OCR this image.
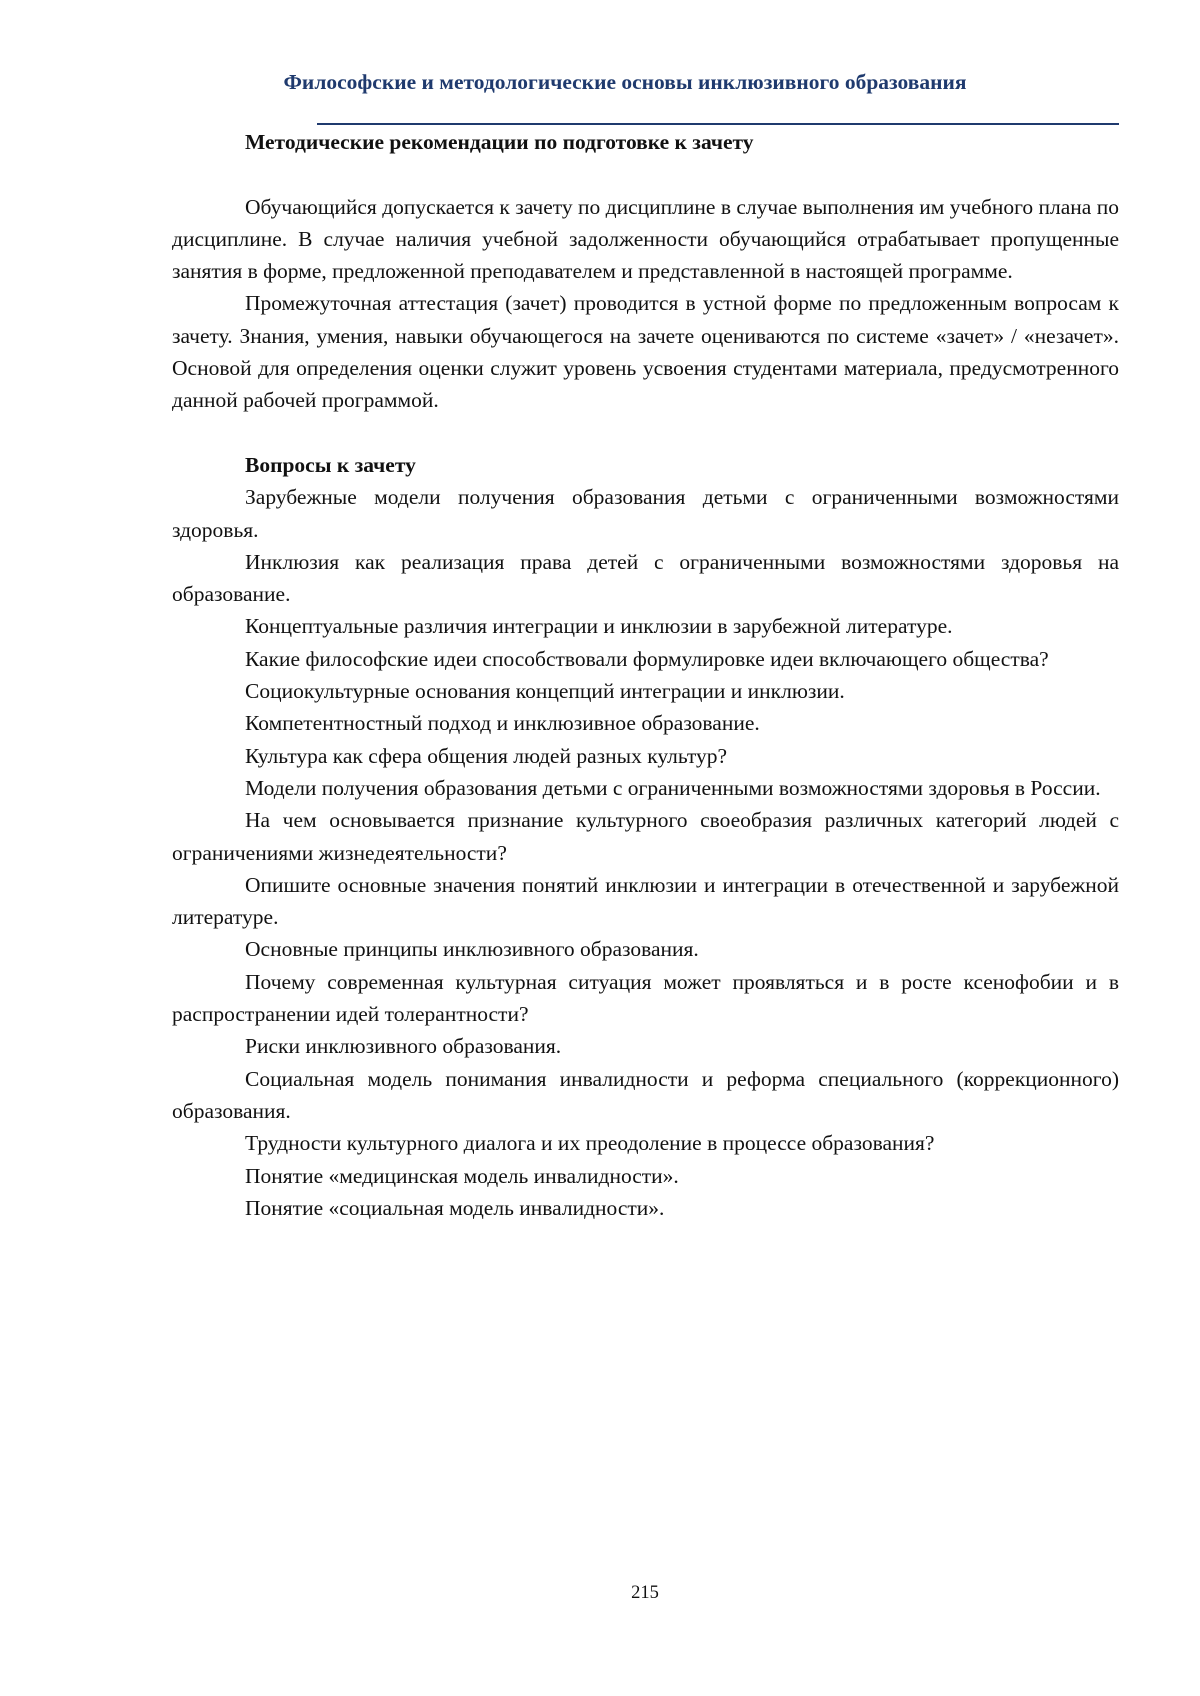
Философские и методологические основы инклюзивного образования

Методические рекомендации по подготовке к зачету

Обучающийся допускается к зачету по дисциплине в случае выполнения им учебного плана по дисциплине. В случае наличия учебной задолженности обучающийся отрабатывает пропущенные занятия в форме, предложенной преподавателем и представленной в настоящей программе.

Промежуточная аттестация (зачет) проводится в устной форме по предложенным вопросам к зачету. Знания, умения, навыки обучающегося на зачете оцениваются по системе «зачет» / «незачет». Основой для определения оценки служит уровень усвоения студентами материала, предусмотренного данной рабочей программой.

Вопросы к зачету

Зарубежные модели получения образования детьми с ограниченными возможностями здоровья.

Инклюзия как реализация права детей с ограниченными возможностями здоровья на образование.

Концептуальные различия интеграции и инклюзии в зарубежной литературе.

Какие философские идеи способствовали формулировке идеи включающего общества?

Социокультурные основания концепций интеграции и инклюзии.

Компетентностный подход и инклюзивное образование.

Культура как сфера общения людей разных культур?

Модели получения образования детьми с ограниченными возможностями здоровья в России.

На чем основывается признание культурного своеобразия различных категорий людей с ограничениями жизнедеятельности?

Опишите основные значения понятий инклюзии и интеграции в отечественной и зарубежной литературе.

Основные принципы инклюзивного образования.

Почему современная культурная ситуация может проявляться и в росте ксенофобии и в распространении идей толерантности?

Риски инклюзивного образования.

Социальная модель понимания инвалидности и реформа специального (коррекционного) образования.

Трудности культурного диалога и их преодоление в процессе образования?

Понятие «медицинская модель инвалидности».

Понятие «социальная модель инвалидности».

215
